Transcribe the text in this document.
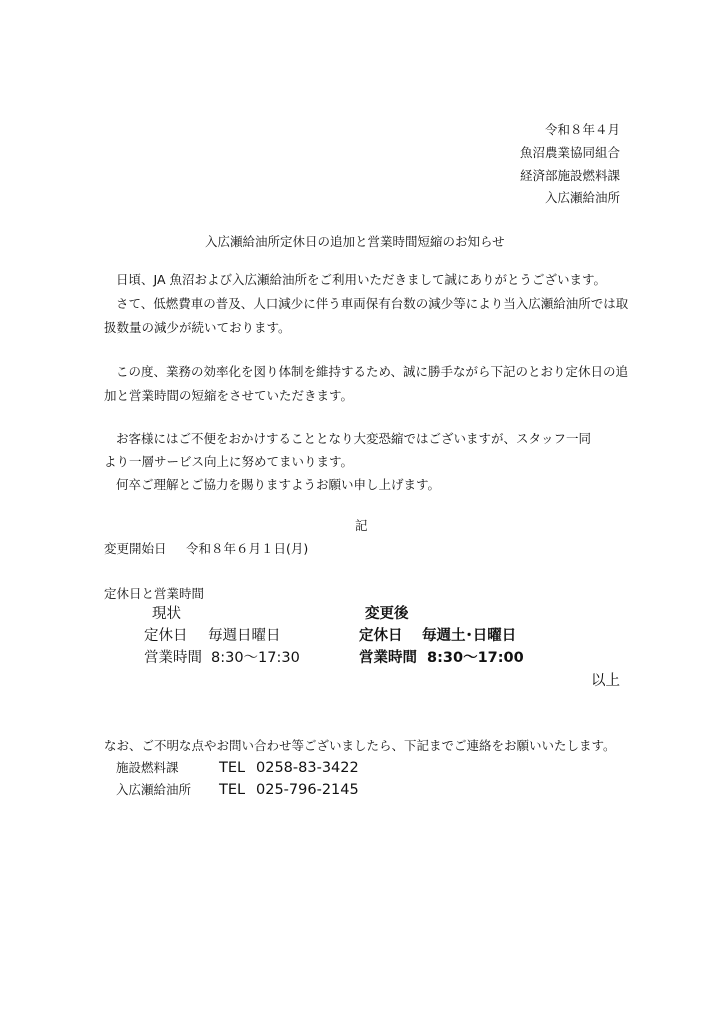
令和８年４月
魚沼農業協同組合
経済部施設燃料課
入広瀬給油所
入広瀬給油所定休日の追加と営業時間短縮のお知らせ
日頃、JA 魚沼および入広瀬給油所をご利用いただきまして誠にありがとうございます。
さて、低燃費車の普及、人口減少に伴う車両保有台数の減少等により当入広瀬給油所では取
扱数量の減少が続いております。
この度、業務の効率化を図り体制を維持するため、誠に勝手ながら下記のとおり定休日の追
加と営業時間の短縮をさせていただきます。
お客様にはご不便をおかけすることとなり大変恐縮ではございますが、スタッフ一同
より一層サービス向上に努めてまいります。
何卒ご理解とご協力を賜りますようお願い申し上げます。
記
変更開始日 令和８年６月１日(月)
定休日と営業時間
現状
定休日 毎週日曜日
営業時間 8:30～17:30
変更後
定休日 毎週土･日曜日
営業時間 8:30～17:00
以上
なお、ご不明な点やお問い合わせ等ございましたら、下記までご連絡をお願いいたします。
施設燃料課	TEL 0258-83-3422
入広瀬給油所 TEL 025-796-2145
